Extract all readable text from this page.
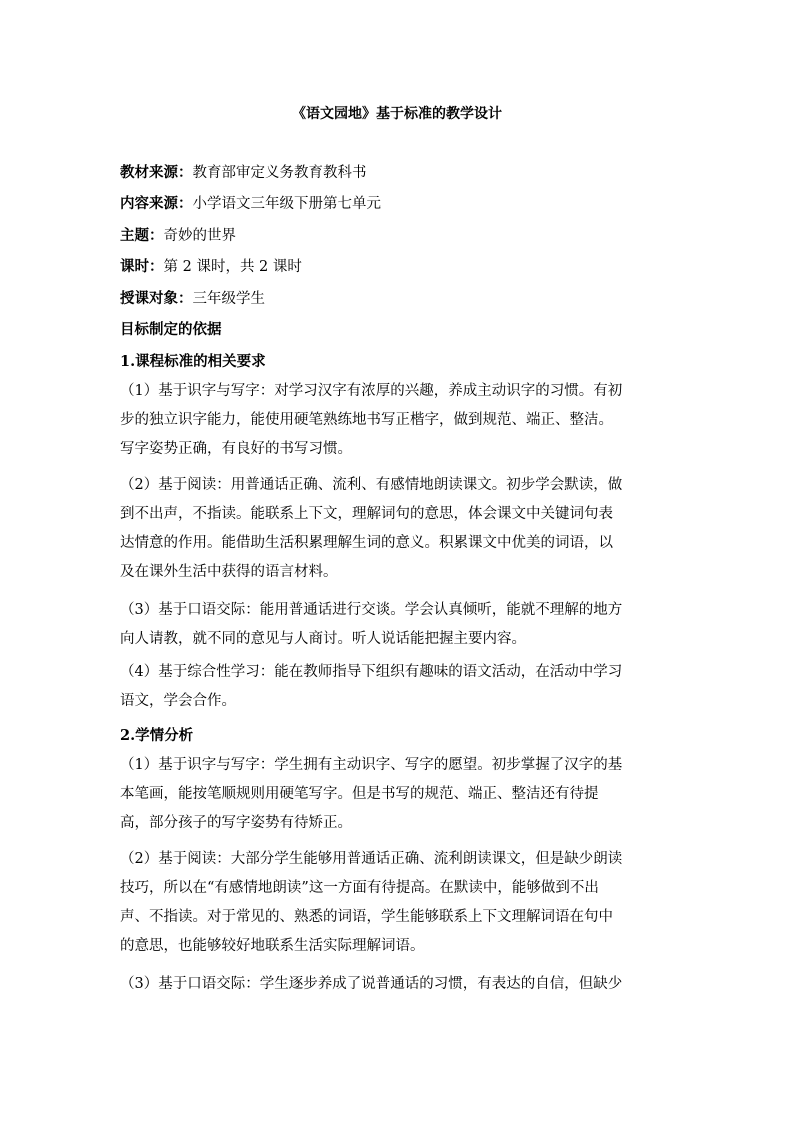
《语文园地》基于标准的教学设计
教材来源：教育部审定义务教育教科书
内容来源：小学语文三年级下册第七单元
主题：奇妙的世界
课时：第 2 课时，共 2 课时
授课对象：三年级学生
目标制定的依据
1.课程标准的相关要求
（1）基于识字与写字：对学习汉字有浓厚的兴趣，养成主动识字的习惯。有初
步的独立识字能力，能使用硬笔熟练地书写正楷字，做到规范、端正、整洁。
写字姿势正确，有良好的书写习惯。
（2）基于阅读：用普通话正确、流利、有感情地朗读课文。初步学会默读，做
到不出声，不指读。能联系上下文，理解词句的意思，体会课文中关键词句表
达情意的作用。能借助生活积累理解生词的意义。积累课文中优美的词语，以
及在课外生活中获得的语言材料。
（3）基于口语交际：能用普通话进行交谈。学会认真倾听，能就不理解的地方
向人请教，就不同的意见与人商讨。听人说话能把握主要内容。
（4）基于综合性学习：能在教师指导下组织有趣味的语文活动，在活动中学习
语文，学会合作。
2.学情分析
（1）基于识字与写字：学生拥有主动识字、写字的愿望。初步掌握了汉字的基
本笔画，能按笔顺规则用硬笔写字。但是书写的规范、端正、整洁还有待提
高，部分孩子的写字姿势有待矫正。
（2）基于阅读：大部分学生能够用普通话正确、流利朗读课文，但是缺少朗读
技巧，所以在“有感情地朗读”这一方面有待提高。在默读中，能够做到不出
声、不指读。对于常见的、熟悉的词语，学生能够联系上下文理解词语在句中
的意思，也能够较好地联系生活实际理解词语。
（3）基于口语交际：学生逐步养成了说普通话的习惯，有表达的自信，但缺少
